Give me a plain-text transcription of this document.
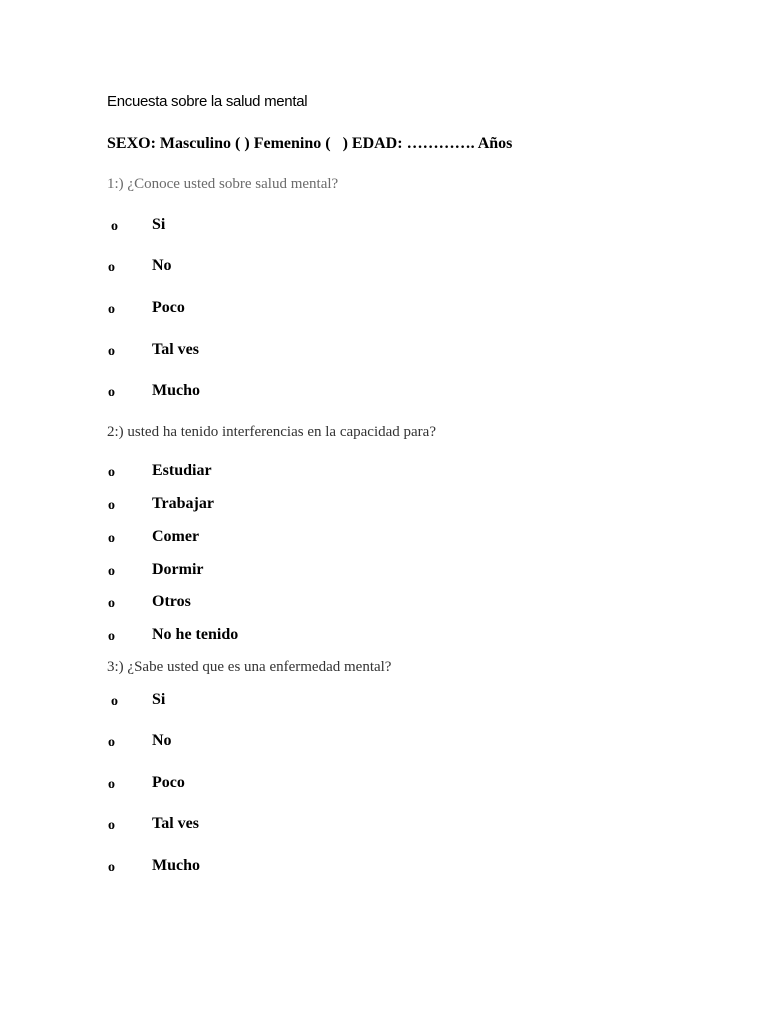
Encuesta sobre la salud mental
SEXO: Masculino ( ) Femenino ( ) EDAD: …………. Años
1:) ¿Conoce usted sobre salud mental?
o Si
o No
o Poco
o Tal ves
o Mucho
2:) usted ha tenido interferencias en la capacidad para?
o Estudiar
o Trabajar
o Comer
o Dormir
o Otros
o No he tenido
3:) ¿Sabe usted que es una enfermedad mental?
o Si
o No
o Poco
o Tal ves
o Mucho
